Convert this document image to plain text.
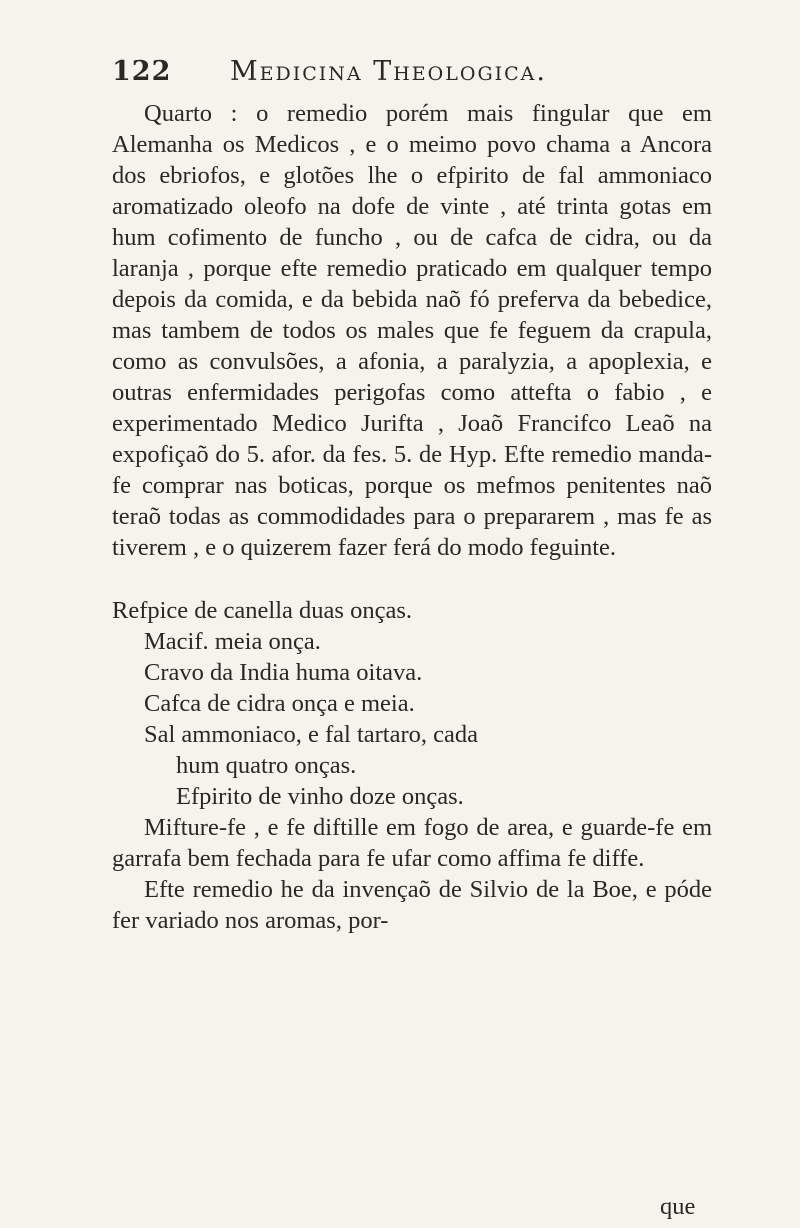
122 Medicina Theologica.

Quarto : o remedio porém mais fingular que em Alemanha os Medicos , e o meimo povo chama a Ancora dos ebriofos, e glotões lhe o efpirito de fal ammoniaco aromatizado oleofo na dofe de vinte , até trinta gotas em hum cofimento de funcho , ou de cafca de cidra, ou da laranja , porque efte remedio praticado em qualquer tempo depois da comida, e da bebida naõ fó preferva da bebedice, mas tambem de todos os males que fe feguem da crapula, como as convulsões, a afonia, a paralyzia, a apoplexia, e outras enfermidades perigofas como attefta o fabio , e experimentado Medico Jurifta , Joaõ Francifco Leaõ na expofiçaõ do 5. afor. da fes. 5. de Hyp. Efte remedio manda-fe comprar nas boticas, porque os mefmos penitentes naõ teraõ todas as commodidades para o prepararem , mas fe as tiverem , e o quizerem fazer ferá do modo feguinte.

Refpice de canella duas onças.

Macif. meia onça.

Cravo da India huma oitava.

Cafca de cidra onça e meia.

Sal ammoniaco, e fal tartaro, cada
hum quatro onças.

Efpirito de vinho doze onças.

Mifture-fe , e fe diftille em fogo de area, e guarde-fe em garrafa bem fechada para fe ufar como affima fe diffe.

Efte remedio he da invençaõ de Silvio de la Boe, e póde fer variado nos aromas, por-

que
